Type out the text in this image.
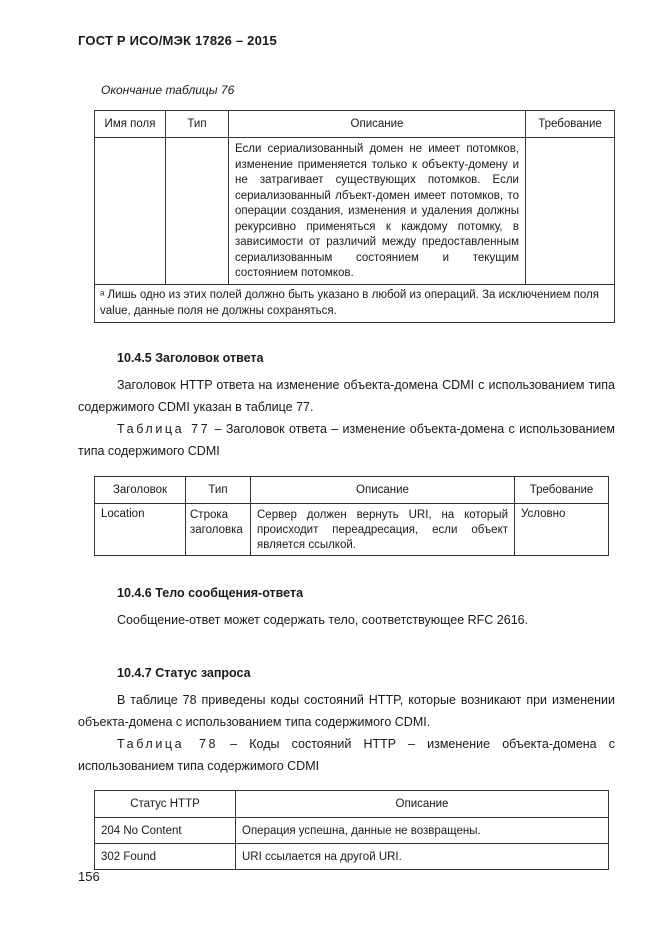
ГОСТ Р ИСО/МЭК 17826 – 2015
Окончание таблицы 76
Имя поля	Тип	Описание	Требование
		Если сериализованный домен не имеет потомков, изменение применяется только к объекту-домену и не затрагивает существующих потомков. Если сериализованный лбъект-домен имеет потомков, то операции создания, изменения и удаления должны рекурсивно применяться к каждому потомку, в зависимости от различий между предоставленным сериализованным состоянием и текущим состоянием потомков.	
ᵃ Лишь одно из этих полей должно быть указано в любой из операций. За исключением поля value, данные поля не должны сохраняться.			
10.4.5 Заголовок ответа

Заголовок HTTP ответа на изменение объекта-домена CDMI с использованием типа содержимого CDMI указан в таблице 77.

Таблица 77 – Заголовок ответа – изменение объекта-домена с использованием типа содержимого CDMI

Заголовок	Тип	Описание	Требование
Location	Строка заголовка	Сервер должен вернуть URI, на который происходит переадресация, если объект является ссылкой.	Условно
10.4.6 Тело сообщения-ответа

Сообщение-ответ может содержать тело, соответствующее RFC 2616.

10.4.7 Статус запроса

В таблице 78 приведены коды состояний HTTP, которые возникают при изменении объекта-домена с использованием типа содержимого CDMI.

Таблица 78 – Коды состояний HTTP – изменение объекта-домена с использованием типа содержимого CDMI

Статус HTTP	Описание
204 No Content	Операция успешна, данные не возвращены.
302 Found	URI ссылается на другой URI.
156
